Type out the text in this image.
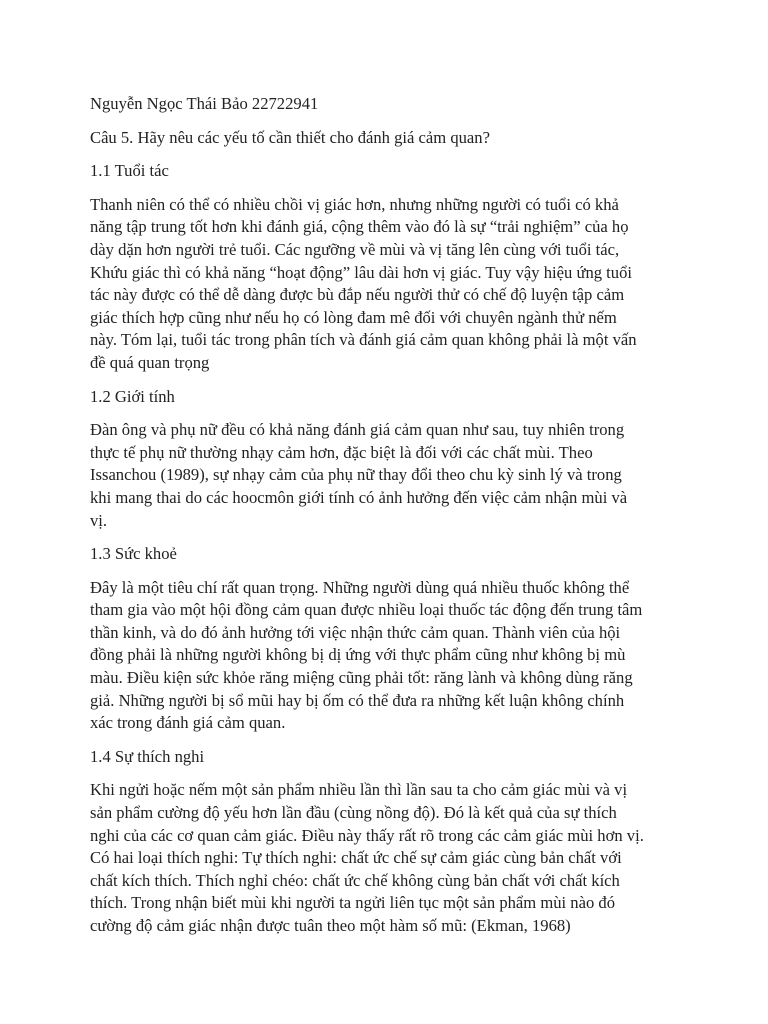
Nguyễn Ngọc Thái Bảo 22722941

Câu 5. Hãy nêu các yếu tố cần thiết cho đánh giá cảm quan?

1.1 Tuổi tác

Thanh niên có thể có nhiều chồi vị giác hơn, nhưng những người có tuổi có khả

năng tập trung tốt hơn khi đánh giá, cộng thêm vào đó là sự “trải nghiệm” của họ

dày dặn hơn người trẻ tuổi. Các ngưỡng về mùi và vị tăng lên cùng với tuổi tác,

Khứu giác thì có khả năng “hoạt động” lâu dài hơn vị giác. Tuy vậy hiệu ứng tuổi

tác này được có thể dễ dàng được bù đắp nếu người thử có chế độ luyện tập cảm

giác thích hợp cũng như nếu họ có lòng đam mê đối với chuyên ngành thử nếm

này. Tóm lại, tuổi tác trong phân tích và đánh giá cảm quan không phải là một vấn

đề quá quan trọng

1.2 Giới tính

Đàn ông và phụ nữ đều có khả năng đánh giá cảm quan như sau, tuy nhiên trong

thực tế phụ nữ thường nhạy cảm hơn, đặc biệt là đối với các chất mùi. Theo

Issanchou (1989), sự nhạy cảm của phụ nữ thay đổi theo chu kỳ sinh lý và trong

khi mang thai do các hoocmôn giới tính có ảnh hưởng đến việc cảm nhận mùi và

vị.

1.3 Sức khoẻ

Đây là một tiêu chí rất quan trọng. Những người dùng quá nhiều thuốc không thể

tham gia vào một hội đồng cảm quan được nhiều loại thuốc tác động đến trung tâm

thần kinh, và do đó ảnh hưởng tới việc nhận thức cảm quan. Thành viên của hội

đồng phải là những người không bị dị ứng với thực phẩm cũng như không bị mù

màu. Điều kiện sức khỏe răng miệng cũng phải tốt: răng lành và không dùng răng

giả. Những người bị sổ mũi hay bị ốm có thể đưa ra những kết luận không chính

xác trong đánh giá cảm quan.

1.4 Sự thích nghi

Khi ngửi hoặc nếm một sản phẩm nhiều lần thì lần sau ta cho cảm giác mùi và vị

sản phẩm cường độ yếu hơn lần đầu (cùng nồng độ). Đó là kết quả của sự thích

nghi của các cơ quan cảm giác. Điều này thấy rất rõ trong các cảm giác mùi hơn vị.

Có hai loại thích nghi: Tự thích nghi: chất ức chế sự cảm giác cùng bản chất với

chất kích thích. Thích nghỉ chéo: chất ức chế không cùng bản chất với chất kích

thích. Trong nhận biết mùi khi người ta ngửi liên tục một sản phẩm mùi nào đó

cường độ cảm giác nhận được tuân theo một hàm số mũ: (Ekman, 1968)
